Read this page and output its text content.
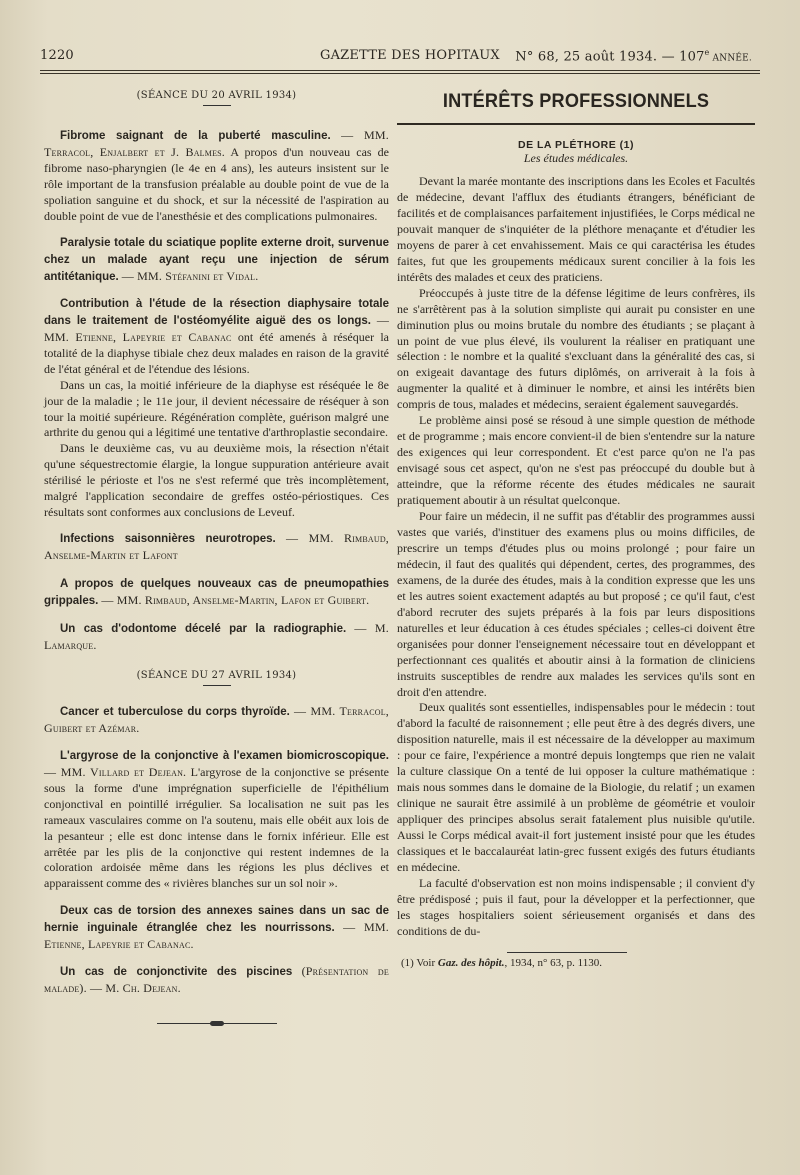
1220	GAZETTE DES HOPITAUX N° 68, 25 août 1934. — 107e ANNÉE.

(SÉANCE DU 20 AVRIL 1934)

Fibrome saignant de la puberté masculine. — MM. Terracol, Enjalbert et J. Balmes. A propos d'un nouveau cas de fibrome naso-pharyngien (le 4e en 4 ans), les auteurs insistent sur le rôle important de la transfusion préalable au double point de vue de la spoliation sanguine et du shock, et sur la nécessité de l'aspiration au double point de vue de l'anesthésie et des complications pulmonaires.

Paralysie totale du sciatique poplite externe droit, survenue chez un malade ayant reçu une injection de sérum antitétanique. — MM. Stéfanini et Vidal.

Contribution à l'étude de la résection diaphysaire totale dans le traitement de l'ostéomyélite aiguë des os longs. — MM. Etienne, Lapeyrie et Cabanac ont été amenés à réséquer la totalité de la diaphyse tibiale chez deux malades en raison de la gravité de l'état général et de l'étendue des lésions.

Dans un cas, la moitié inférieure de la diaphyse est réséquée le 8e jour de la maladie ; le 11e jour, il devient nécessaire de réséquer à son tour la moitié supérieure. Régénération complète, guérison malgré une arthrite du genou qui a légitimé une tentative d'arthroplastie secondaire.

Dans le deuxième cas, vu au deuxième mois, la résection n'était qu'une séquestrectomie élargie, la longue suppuration antérieure avait stérilisé le périoste et l'os ne s'est refermé que très incomplètement, malgré l'application secondaire de greffes ostéo-périostiques. Ces résultats sont conformes aux conclusions de Leveuf.

Infections saisonnières neurotropes. — MM. Rimbaud, Anselme-Martin et Lafont

A propos de quelques nouveaux cas de pneumopathies grippales. — MM. Rimbaud, Anselme-Martin, Lafon et Guibert.

Un cas d'odontome décelé par la radiographie. — M. Lamarque.

(SÉANCE DU 27 AVRIL 1934)

Cancer et tuberculose du corps thyroïde. — MM. Terracol, Guibert et Azémar.

L'argyrose de la conjonctive à l'examen biomicroscopique. — MM. Villard et Dejean. L'argyrose de la conjonctive se présente sous la forme d'une imprégnation superficielle de l'épithélium conjonctival en pointillé irrégulier. Sa localisation ne suit pas les rameaux vasculaires comme on l'a soutenu, mais elle obéit aux lois de la pesanteur ; elle est donc intense dans le fornix inférieur. Elle est arrêtée par les plis de la conjonctive qui restent indemnes de la coloration ardoisée même dans les régions les plus déclives et apparaissent comme des « rivières blanches sur un sol noir ».

Deux cas de torsion des annexes saines dans un sac de hernie inguinale étranglée chez les nourrissons. — MM. Etienne, Lapeyrie et Cabanac.

Un cas de conjonctivite des piscines (Présentation de malade). — M. Ch. Dejean.

INTÉRÊTS PROFESSIONNELS

DE LA PLÉTHORE (1)

Les études médicales.

Devant la marée montante des inscriptions dans les Ecoles et Facultés de médecine, devant l'afflux des étudiants étrangers, bénéficiant de facilités et de complaisances parfaitement injustifiées, le Corps médical ne pouvait manquer de s'inquiéter de la pléthore menaçante et d'étudier les moyens de parer à cet envahissement. Mais ce qui caractérisa les études faites, fut que les groupements médicaux surent concilier à la fois les intérêts des malades et ceux des praticiens.

Préoccupés à juste titre de la défense légitime de leurs confrères, ils ne s'arrêtèrent pas à la solution simpliste qui aurait pu consister en une diminution plus ou moins brutale du nombre des étudiants ; se plaçant à un point de vue plus élevé, ils voulurent la réaliser en pratiquant une sélection : le nombre et la qualité s'excluant dans la généralité des cas, si on exigeait davantage des futurs diplômés, on arriverait à la fois à augmenter la qualité et à diminuer le nombre, et ainsi les intérêts bien compris de tous, malades et médecins, seraient également sauvegardés.

Le problème ainsi posé se résoud à une simple question de méthode et de programme ; mais encore convient-il de bien s'entendre sur la nature des exigences qui leur correspondent. Et c'est parce qu'on ne l'a pas envisagé sous cet aspect, qu'on ne s'est pas préoccupé du double but à atteindre, que la réforme récente des études médicales ne saurait pratiquement aboutir à un résultat quelconque.

Pour faire un médecin, il ne suffit pas d'établir des programmes aussi vastes que variés, d'instituer des examens plus ou moins difficiles, de prescrire un temps d'études plus ou moins prolongé ; pour faire un médecin, il faut des qualités qui dépendent, certes, des programmes, des examens, de la durée des études, mais à la condition expresse que les uns et les autres soient exactement adaptés au but proposé ; ce qu'il faut, c'est d'abord recruter des sujets préparés à la fois par leurs dispositions naturelles et leur éducation à ces études spéciales ; celles-ci doivent être organisées pour donner l'enseignement nécessaire tout en développant et perfectionnant ces qualités et aboutir ainsi à la formation de cliniciens instruits susceptibles de rendre aux malades les services qu'ils sont en droit d'en attendre.

Deux qualités sont essentielles, indispensables pour le médecin : tout d'abord la faculté de raisonnement ; elle peut être à des degrés divers, une disposition naturelle, mais il est nécessaire de la développer au maximum : pour ce faire, l'expérience a montré depuis longtemps que rien ne valait la culture classique On a tenté de lui opposer la culture mathématique : mais nous sommes dans le domaine de la Biologie, du relatif ; un examen clinique ne saurait être assimilé à un problème de géométrie et vouloir appliquer des principes absolus serait fatalement plus nuisible qu'utile. Aussi le Corps médical avait-il fort justement insisté pour que les études classiques et le baccalauréat latin-grec fussent exigés des futurs étudiants en médecine.

La faculté d'observation est non moins indispensable ; il convient d'y être prédisposé ; puis il faut, pour la développer et la perfectionner, que les stages hospitaliers soient sérieusement organisés et dans des conditions de du-

(1) Voir Gaz. des hôpit., 1934, n° 63, p. 1130.
